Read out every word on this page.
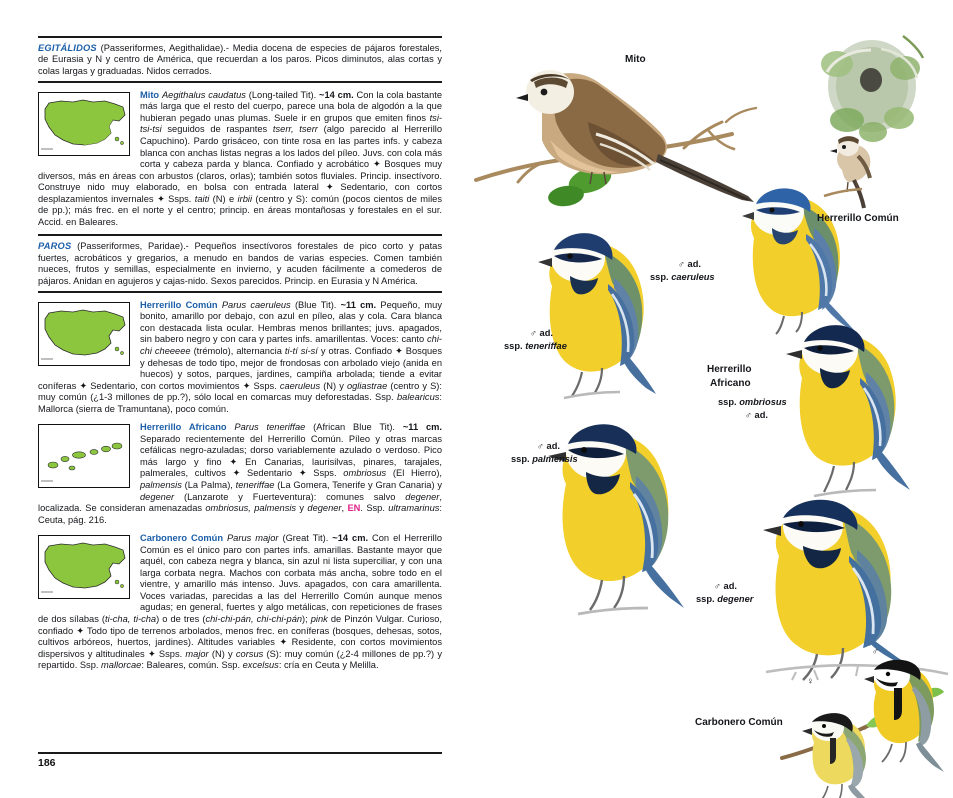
EGITÁLIDOS (Passeriformes, Aegithalidae).- Media docena de especies de pájaros forestales, de Eurasia y N y centro de América, que recuerdan a los paros. Picos diminutos, alas cortas y colas largas y graduadas. Nidos cerrados.
Mito Aegithalus caudatus (Long-tailed Tit). ~14 cm. Con la cola bastante más larga que el resto del cuerpo, parece una bola de algodón a la que hubieran pegado unas plumas. Suele ir en grupos que emiten finos tsi-tsi-tsi seguidos de raspantes tserr, tserr (algo parecido al Herrerillo Capuchino). Pardo grisáceo, con tinte rosa en las partes infs. y cabeza blanca con anchas listas negras a los lados del píleo. Juvs. con cola más corta y cabeza parda y blanca. Confiado y acrobático ✦ Bosques muy diversos, más en áreas con arbustos (claros, orlas); también sotos fluviales. Princip. insectívoro. Construye nido muy elaborado, en bolsa con entrada lateral ✦ Sedentario, con cortos desplazamientos invernales ✦ Ssps. taiti (N) e irbii (centro y S): común (pocos cientos de miles de pp.); más frec. en el norte y el centro; princip. en áreas montañosas y forestales en el sur. Accid. en Baleares.
PAROS (Passeriformes, Paridae).- Pequeños insectívoros forestales de pico corto y patas fuertes, acrobáticos y gregarios, a menudo en bandos de varias especies. Comen también nueces, frutos y semillas, especialmente en invierno, y acuden fácilmente a comederos de pájaros. Anidan en agujeros y cajas-nido. Sexos parecidos. Princip. en Eurasia y N América.
Herrerillo Común Parus caeruleus (Blue Tit). ~11 cm. Pequeño, muy bonito, amarillo por debajo, con azul en píleo, alas y cola. Cara blanca con destacada lista ocular. Hembras menos brillantes; juvs. apagados, sin babero negro y con cara y partes infs. amarillentas. Voces: canto chi-chi cheeeee (trémolo), alternancia ti-tí si-sí y otras. Confiado ✦ Bosques y dehesas de todo tipo, mejor de frondosas con arbolado viejo (anida en huecos) y sotos, parques, jardines, campiña arbolada; tiende a evitar coníferas ✦ Sedentario, con cortos movimientos ✦ Ssps. caeruleus (N) y ogliastrae (centro y S): muy común (¿1-3 millones de pp.?), sólo local en comarcas muy deforestadas. Ssp. balearicus: Mallorca (sierra de Tramuntana), poco común.
Herrerillo Africano Parus teneriffae (African Blue Tit). ~11 cm. Separado recientemente del Herrerillo Común. Píleo y otras marcas cefálicas negro-azuladas; dorso variablemente azulado o verdoso. Pico más largo y fino ✦ En Canarias, laurisilvas, pinares, tarajales, palmerales, cultivos ✦ Sedentario ✦ Ssps. ombriosus (El Hierro), palmensis (La Palma), teneriffae (La Gomera, Tenerife y Gran Canaria) y degener (Lanzarote y Fuerteventura): comunes salvo degener, localizada. Se consideran amenazadas ombriosus, palmensis y degener, EN. Ssp. ultramarinus: Ceuta, pág. 216.
Carbonero Común Parus major (Great Tit). ~14 cm. Con el Herrerillo Común es el único paro con partes infs. amarillas. Bastante mayor que aquél, con cabeza negra y blanca, sin azul ni lista superciliar, y con una larga corbata negra. Machos con corbata más ancha, sobre todo en el vientre, y amarillo más intenso. Juvs. apagados, con cara amarillenta. Voces variadas, parecidas a las del Herrerillo Común aunque menos agudas; en general, fuertes y algo metálicas, con repeticiones de frases de dos sílabas (ti-cha, ti-cha) o de tres (chi-chi-pán, chi-chi-pán); pink de Pinzón Vulgar. Curioso, confiado ✦ Todo tipo de terrenos arbolados, menos frec. en coníferas (bosques, dehesas, sotos, cultivos arbóreos, huertos, jardines). Altitudes variables ✦ Residente, con cortos movimientos dispersivos y altitudinales ✦ Ssps. major (N) y corsus (S): muy común (¿2-4 millones de pp.?) y repartido. Ssp. mallorcae: Baleares, común. Ssp. excelsus: cría en Ceuta y Melilla.
186
Mito
Herrerillo Común
♂ ad.
ssp. caeruleus
♂ ad.
ssp. teneriffae
Herrerillo
Africano
ssp. ombriosus
♂ ad.
♂ ad.
ssp. palmensis
♂ ad.
ssp. degener
♂
♀
Carbonero Común
